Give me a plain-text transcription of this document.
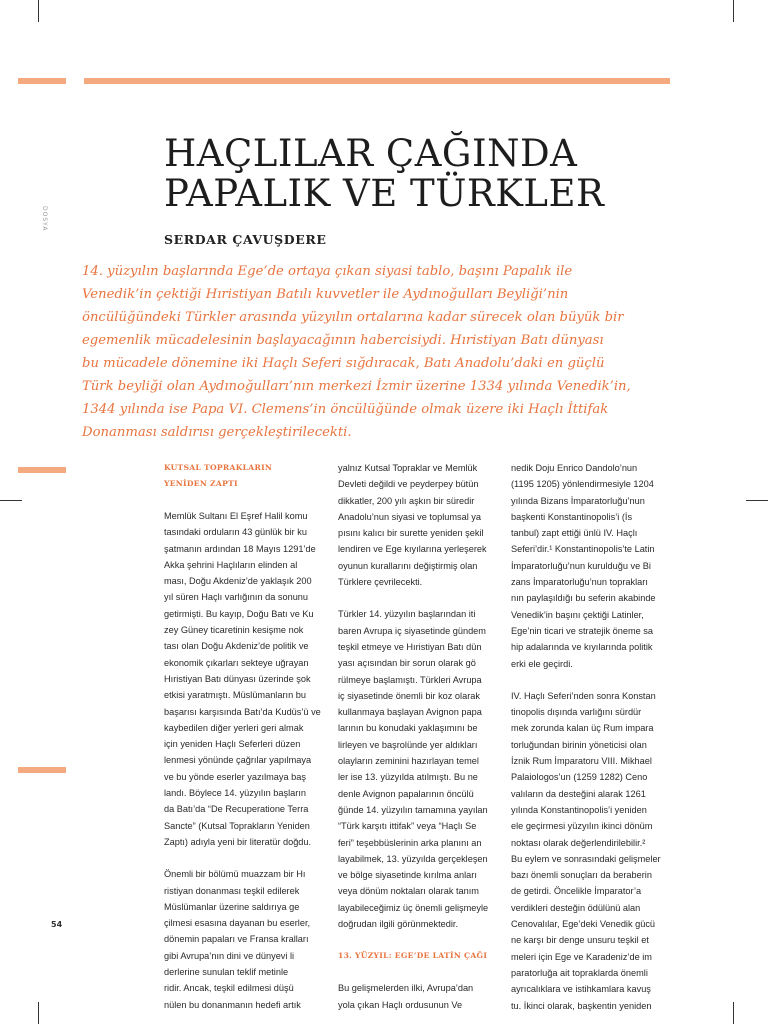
DOSYA
HAÇLILAR ÇAĞINDA
PAPALIK VE TÜRKLER
SERDAR ÇAVUŞDERE
14. yüzyılın başlarında Ege’de ortaya çıkan siyasi tablo, başını Papalık ile
Venedik’in çektiği Hıristiyan Batılı kuvvetler ile Aydınoğulları Beyliği’nin
öncülüğündeki Türkler arasında yüzyılın ortalarına kadar sürecek olan büyük bir
egemenlik mücadelesinin başlayacağının habercisiydi. Hıristiyan Batı dünyası
bu mücadele dönemine iki Haçlı Seferi sığdıracak, Batı Anadolu’daki en güçlü
Türk beyliği olan Aydınoğulları’nın merkezi İzmir üzerine 1334 yılında Venedik’in,
1344 yılında ise Papa VI. Clemens’in öncülüğünde olmak üzere iki Haçlı İttifak
Donanması saldırısı gerçekleştirilecekti.
KUTSAL TOPRAKLARIN
YENİDEN ZAPTI
Memlük Sultanı El Eşref Halil komu
tasındaki orduların 43 günlük bir ku
şatmanın ardından 18 Mayıs 1291’de
Akka şehrini Haçlıların elinden al
ması, Doğu Akdeniz’de yaklaşık 200
yıl süren Haçlı varlığının da sonunu
getirmişti. Bu kayıp, Doğu Batı ve Ku
zey Güney ticaretinin kesişme nok
tası olan Doğu Akdeniz’de politik ve
ekonomik çıkarları sekteye uğrayan
Hıristiyan Batı dünyası üzerinde şok
etkisi yaratmıştı. Müslümanların bu
başarısı karşısında Batı’da Kudüs’ü ve
kaybedilen diğer yerleri geri almak
için yeniden Haçlı Seferleri düzen
lenmesi yönünde çağrılar yapılmaya
ve bu yönde eserler yazılmaya baş
landı. Böylece 14. yüzyılın başların
da Batı’da “De Recuperatione Terra
Sancte” (Kutsal Toprakların Yeniden
Zaptı) adıyla yeni bir literatür doğdu.
Önemli bir bölümü muazzam bir Hı
ristiyan donanması teşkil edilerek
Müslümanlar üzerine saldırıya ge
çilmesi esasına dayanan bu eserler,
dönemin papaları ve Fransa kralları
gibi Avrupa’nın dini ve dünyevi li
derlerine sunulan teklif metinle
ridir. Ancak, teşkil edilmesi düşü
nülen bu donanmanın hedefi artık
yalnız Kutsal Topraklar ve Memlük
Devleti değildi ve peyderpey bütün
dikkatler, 200 yılı aşkın bir süredir
Anadolu’nun siyasi ve toplumsal ya
pısını kalıcı bir surette yeniden şekil
lendiren ve Ege kıyılarına yerleşerek
oyunun kurallarını değiştirmiş olan
Türklere çevrilecekti.
Türkler 14. yüzyılın başlarından iti
baren Avrupa iç siyasetinde gündem
teşkil etmeye ve Hıristiyan Batı dün
yası açısından bir sorun olarak gö
rülmeye başlamıştı. Türkleri Avrupa
iç siyasetinde önemli bir koz olarak
kullanmaya başlayan Avignon papa
larının bu konudaki yaklaşımını be
lirleyen ve başrolünde yer aldıkları
olayların zeminini hazırlayan temel
ler ise 13. yüzyılda atılmıştı. Bu ne
denle Avignon papalarının öncülü
ğünde 14. yüzyılın tamamına yayılan
“Türk karşıtı ittifak” veya “Haçlı Se
feri” teşebbüslerinin arka planını an
layabilmek, 13. yüzyılda gerçekleşen
ve bölge siyasetinde kırılma anları
veya dönüm noktaları olarak tanım
layabileceğimiz üç önemli gelişmeyle
doğrudan ilgili görünmektedir.
13. YÜZYIL: EGE’DE LATİN ÇAĞI
Bu gelişmelerden ilki, Avrupa’dan
yola çıkan Haçlı ordusunun Ve
nedik Doju Enrico Dandolo’nun
(1195 1205) yönlendirmesiyle 1204
yılında Bizans İmparatorluğu’nun
başkenti Konstantinopolis’i (İs
tanbul) zapt ettiği ünlü IV. Haçlı
Seferi’dir.¹ Konstantinopolis’te Latin
İmparatorluğu’nun kurulduğu ve Bi
zans İmparatorluğu’nun toprakları
nın paylaşıldığı bu seferin akabinde
Venedik’in başını çektiği Latinler,
Ege’nin ticari ve stratejik öneme sa
hip adalarında ve kıyılarında politik
erki ele geçirdi.
IV. Haçlı Seferi’nden sonra Konstan
tinopolis dışında varlığını sürdür
mek zorunda kalan üç Rum impara
torluğundan birinin yöneticisi olan
İznik Rum İmparatoru VIII. Mikhael
Palaiologos’un (1259 1282) Ceno
valıların da desteğini alarak 1261
yılında Konstantinopolis’i yeniden
ele geçirmesi yüzyılın ikinci dönüm
noktası olarak değerlendirilebilir.²
Bu eylem ve sonrasındaki gelişmeler
bazı önemli sonuçları da beraberin
de getirdi. Öncelikle İmparator’a
verdikleri desteğin ödülünü alan
Cenovalılar, Ege’deki Venedik gücü
ne karşı bir denge unsuru teşkil et
meleri için Ege ve Karadeniz’de im
paratorluğa ait topraklarda önemli
ayrıcalıklara ve istihkamlara kavuş
tu. İkinci olarak, başkentin yeniden
54
